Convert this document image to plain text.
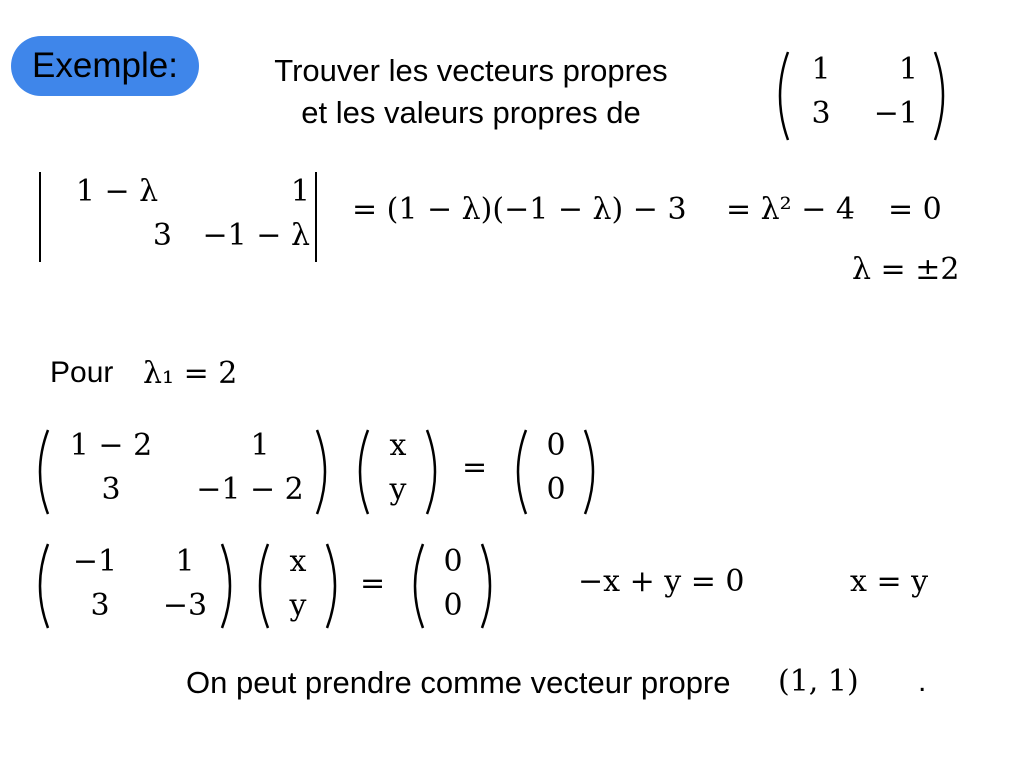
Exemple:	Trouver les vecteurs propres
et les valeurs propres de
1	1
3	−1
1 − λ	1
3	−1 − λ
= (1 − λ)(−1 − λ) − 3 = λ² − 4 = 0
λ = ±2
Pour λ₁ = 2
1 − 2	1
3	−1 − 2
x
y
=
0
0
−1	1
3	−3
x
y
=
0
0
−x + y = 0	x = y
On peut prendre comme vecteur propre (1, 1) .
